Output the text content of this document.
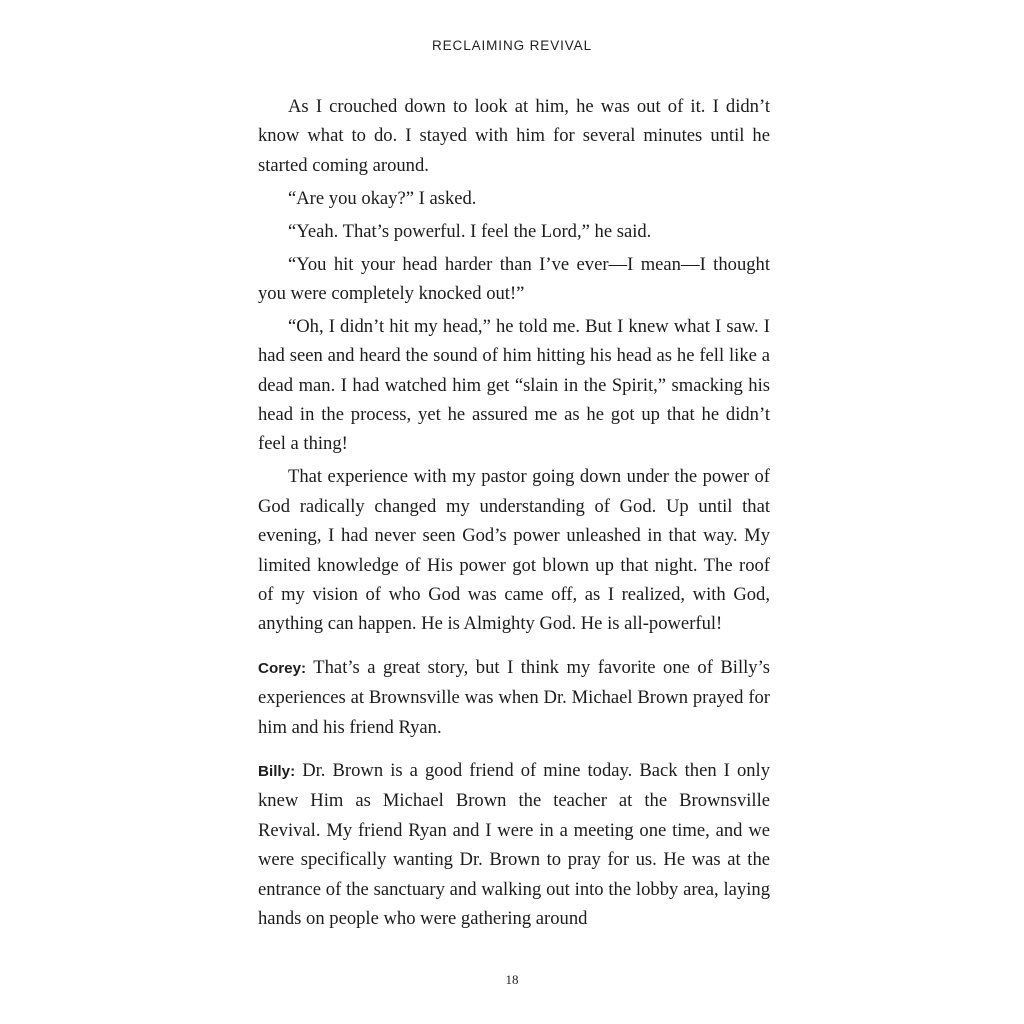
RECLAIMING REVIVAL

As I crouched down to look at him, he was out of it. I didn’t know what to do. I stayed with him for several minutes until he started coming around.

“Are you okay?” I asked.

“Yeah. That’s powerful. I feel the Lord,” he said.

“You hit your head harder than I’ve ever—I mean—I thought you were completely knocked out!”

“Oh, I didn’t hit my head,” he told me. But I knew what I saw. I had seen and heard the sound of him hitting his head as he fell like a dead man. I had watched him get “slain in the Spirit,” smacking his head in the process, yet he assured me as he got up that he didn’t feel a thing!

That experience with my pastor going down under the power of God radically changed my understanding of God. Up until that evening, I had never seen God’s power unleashed in that way. My limited knowledge of His power got blown up that night. The roof of my vision of who God was came off, as I realized, with God, anything can happen. He is Almighty God. He is all-powerful!

Corey: That’s a great story, but I think my favorite one of Billy’s experiences at Brownsville was when Dr. Michael Brown prayed for him and his friend Ryan.

Billy: Dr. Brown is a good friend of mine today. Back then I only knew Him as Michael Brown the teacher at the Brownsville Revival. My friend Ryan and I were in a meeting one time, and we were specifically wanting Dr. Brown to pray for us. He was at the entrance of the sanctuary and walking out into the lobby area, laying hands on people who were gathering around

18
